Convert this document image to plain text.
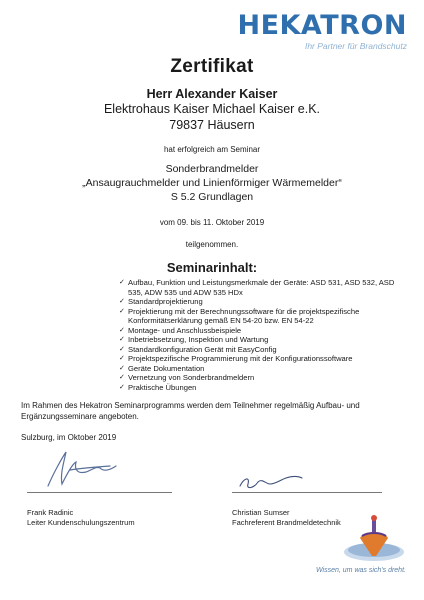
HEKATRON
Ihr Partner für Brandschutz
Zertifikat
Herr Alexander Kaiser
Elektrohaus Kaiser Michael Kaiser e.K.
79837 Häusern
hat erfolgreich am Seminar
Sonderbrandmelder
„Ansaugrauchmelder und Linienförmiger Wärmemelder“
S 5.2 Grundlagen
vom 09. bis 11. Oktober 2019
teilgenommen.
Seminarinhalt:
✓ Aufbau, Funktion und Leistungsmerkmale der Geräte: ASD 531, ASD 532, ASD 535, ADW 535 und ADW 535 HDx
✓ Standardprojektierung
✓ Projektierung mit der Berechnungssoftware für die projektspezifische Konformitätserklärung gemäß EN 54-20 bzw. EN 54-22
✓ Montage- und Anschlussbeispiele
✓ Inbetriebsetzung, Inspektion und Wartung
✓ Standardkonfiguration Gerät mit EasyConfig
✓ Projektspezifische Programmierung mit der Konfigurationssoftware
✓ Geräte Dokumentation
✓ Vernetzung von Sonderbrandmeldern
✓ Praktische Übungen
Im Rahmen des Hekatron Seminarprogramms werden dem Teilnehmer regelmäßig Aufbau- und Ergänzungsseminare angeboten.
Sulzburg, im Oktober 2019
Frank Radinic
Leiter Kundenschulungszentrum
Christian Sumser
Fachreferent Brandmeldetechnik
Wissen, um was sich's dreht.
